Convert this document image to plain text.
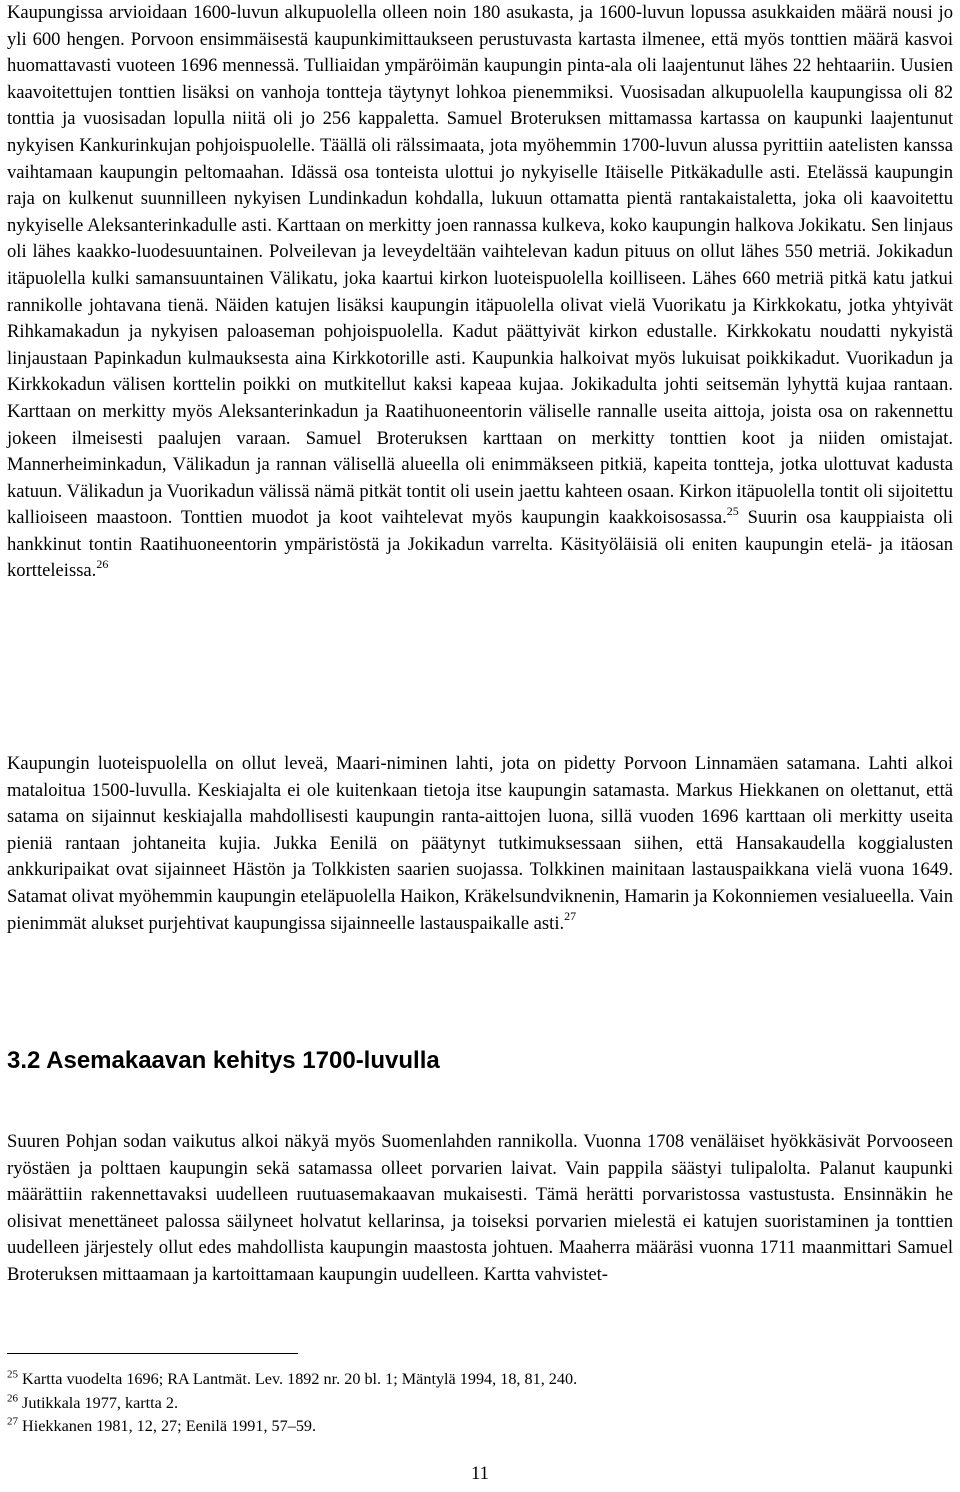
Kaupungissa arvioidaan 1600-luvun alkupuolella olleen noin 180 asukasta, ja 1600-luvun lopussa asukkaiden määrä nousi jo yli 600 hengen. Porvoon ensimmäisestä kaupunkimittaukseen perustuvasta kartasta ilmenee, että myös tonttien määrä kasvoi huomattavasti vuoteen 1696 mennessä. Tulliaidan ympäröimän kaupungin pinta-ala oli laajentunut lähes 22 hehtaariin. Uusien kaavoitettujen tonttien lisäksi on vanhoja tontteja täytynyt lohkoa pienemmiksi. Vuosisadan alkupuolella kaupungissa oli 82 tonttia ja vuosisadan lopulla niitä oli jo 256 kappaletta. Samuel Broteruksen mittamassa kartassa on kaupunki laajentunut nykyisen Kankurinkujan pohjoispuolelle. Täällä oli rälssimaata, jota myöhemmin 1700-luvun alussa pyrittiin aatelisten kanssa vaihtamaan kaupungin peltomaahan. Idässä osa tonteista ulottui jo nykyiselle Itäiselle Pitkäkadulle asti. Etelässä kaupungin raja on kulkenut suunnilleen nykyisen Lundinkadun kohdalla, lukuun ottamatta pientä rantakaistaletta, joka oli kaavoitettu nykyiselle Aleksanterinkadulle asti. Karttaan on merkitty joen rannassa kulkeva, koko kaupungin halkova Jokikatu. Sen linjaus oli lähes kaakko-luodesuuntainen. Polveilevan ja leveydeltään vaihtelevan kadun pituus on ollut lähes 550 metriä. Jokikadun itäpuolella kulki samansuuntainen Välikatu, joka kaartui kirkon luoteispuolella koilliseen. Lähes 660 metriä pitkä katu jatkui rannikolle johtavana tienä. Näiden katujen lisäksi kaupungin itäpuolella olivat vielä Vuorikatu ja Kirkkokatu, jotka yhtyivät Rihkamakadun ja nykyisen paloaseman pohjoispuolella. Kadut päättyivät kirkon edustalle. Kirkkokatu noudatti nykyistä linjaustaan Papinkadun kulmauksesta aina Kirkkotorille asti. Kaupunkia halkoivat myös lukuisat poikkikadut. Vuorikadun ja Kirkkokadun välisen korttelin poikki on mutkitellut kaksi kapeaa kujaa. Jokikadulta johti seitsemän lyhyttä kujaa rantaan. Karttaan on merkitty myös Aleksanterinkadun ja Raatihuoneentorin väliselle rannalle useita aittoja, joista osa on rakennettu jokeen ilmeisesti paalujen varaan. Samuel Broteruksen karttaan on merkitty tonttien koot ja niiden omistajat. Mannerheiminkadun, Välikadun ja rannan välisellä alueella oli enimmäkseen pitkiä, kapeita tontteja, jotka ulottuvat kadusta katuun. Välikadun ja Vuorikadun välissä nämä pitkät tontit oli usein jaettu kahteen osaan. Kirkon itäpuolella tontit oli sijoitettu kallioiseen maastoon. Tonttien muodot ja koot vaihtelevat myös kaupungin kaakkoisosassa.$^{25}$ Suurin osa kauppiaista oli hankkinut tontin Raatihuoneentorin ympäristöstä ja Jokikadun varrelta. Käsityöläisiä oli eniten kaupungin etelä- ja itäosan kortteleissa.$^{26}$

Kaupungin luoteispuolella on ollut leveä, Maari-niminen lahti, jota on pidetty Porvoon Linnamäen satamana. Lahti alkoi mataloitua 1500-luvulla. Keskiajalta ei ole kuitenkaan tietoja itse kaupungin satamasta. Markus Hiekkanen on olettanut, että satama on sijainnut keskiajalla mahdollisesti kaupungin ranta-aittojen luona, sillä vuoden 1696 karttaan oli merkitty useita pieniä rantaan johtaneita kujia. Jukka Eenilä on päätynyt tutkimuksessaan siihen, että Hansakaudella koggialusten ankkuripaikat ovat sijainneet Hästön ja Tolkkisten saarien suojassa. Tolkkinen mainitaan lastauspaikkana vielä vuona 1649. Satamat olivat myöhemmin kaupungin eteläpuolella Haikon, Kräkelsundviknenin, Hamarin ja Kokonniemen vesialueella. Vain pienimmät alukset purjehtivat kaupungissa sijainneelle lastauspaikalle asti.$^{27}$

3.2 Asemakaavan kehitys 1700-luvulla

Suuren Pohjan sodan vaikutus alkoi näkyä myös Suomenlahden rannikolla. Vuonna 1708 venäläiset hyökkäsivät Porvooseen ryöstäen ja polttaen kaupungin sekä satamassa olleet porvarien laivat. Vain pappila säästyi tulipalolta. Palanut kaupunki määrättiin rakennettavaksi uudelleen ruutuasemakaavan mukaisesti. Tämä herätti porvaristossa vastustusta. Ensinnäkin he olisivat menettäneet palossa säilyneet holvatut kellarinsa, ja toiseksi porvarien mielestä ei katujen suoristaminen ja tonttien uudelleen järjestely ollut edes mahdollista kaupungin maastosta johtuen. Maaherra määräsi vuonna 1711 maanmittari Samuel Broteruksen mittaamaan ja kartoittamaan kaupungin uudelleen. Kartta vahvistet-

$^{25}$ Kartta vuodelta 1696; RA Lantmät. Lev. 1892 nr. 20 bl. 1; Mäntylä 1994, 18, 81, 240.
$^{26}$ Jutikkala 1977, kartta 2.
$^{27}$ Hiekkanen 1981, 12, 27; Eenilä 1991, 57–59.
11
